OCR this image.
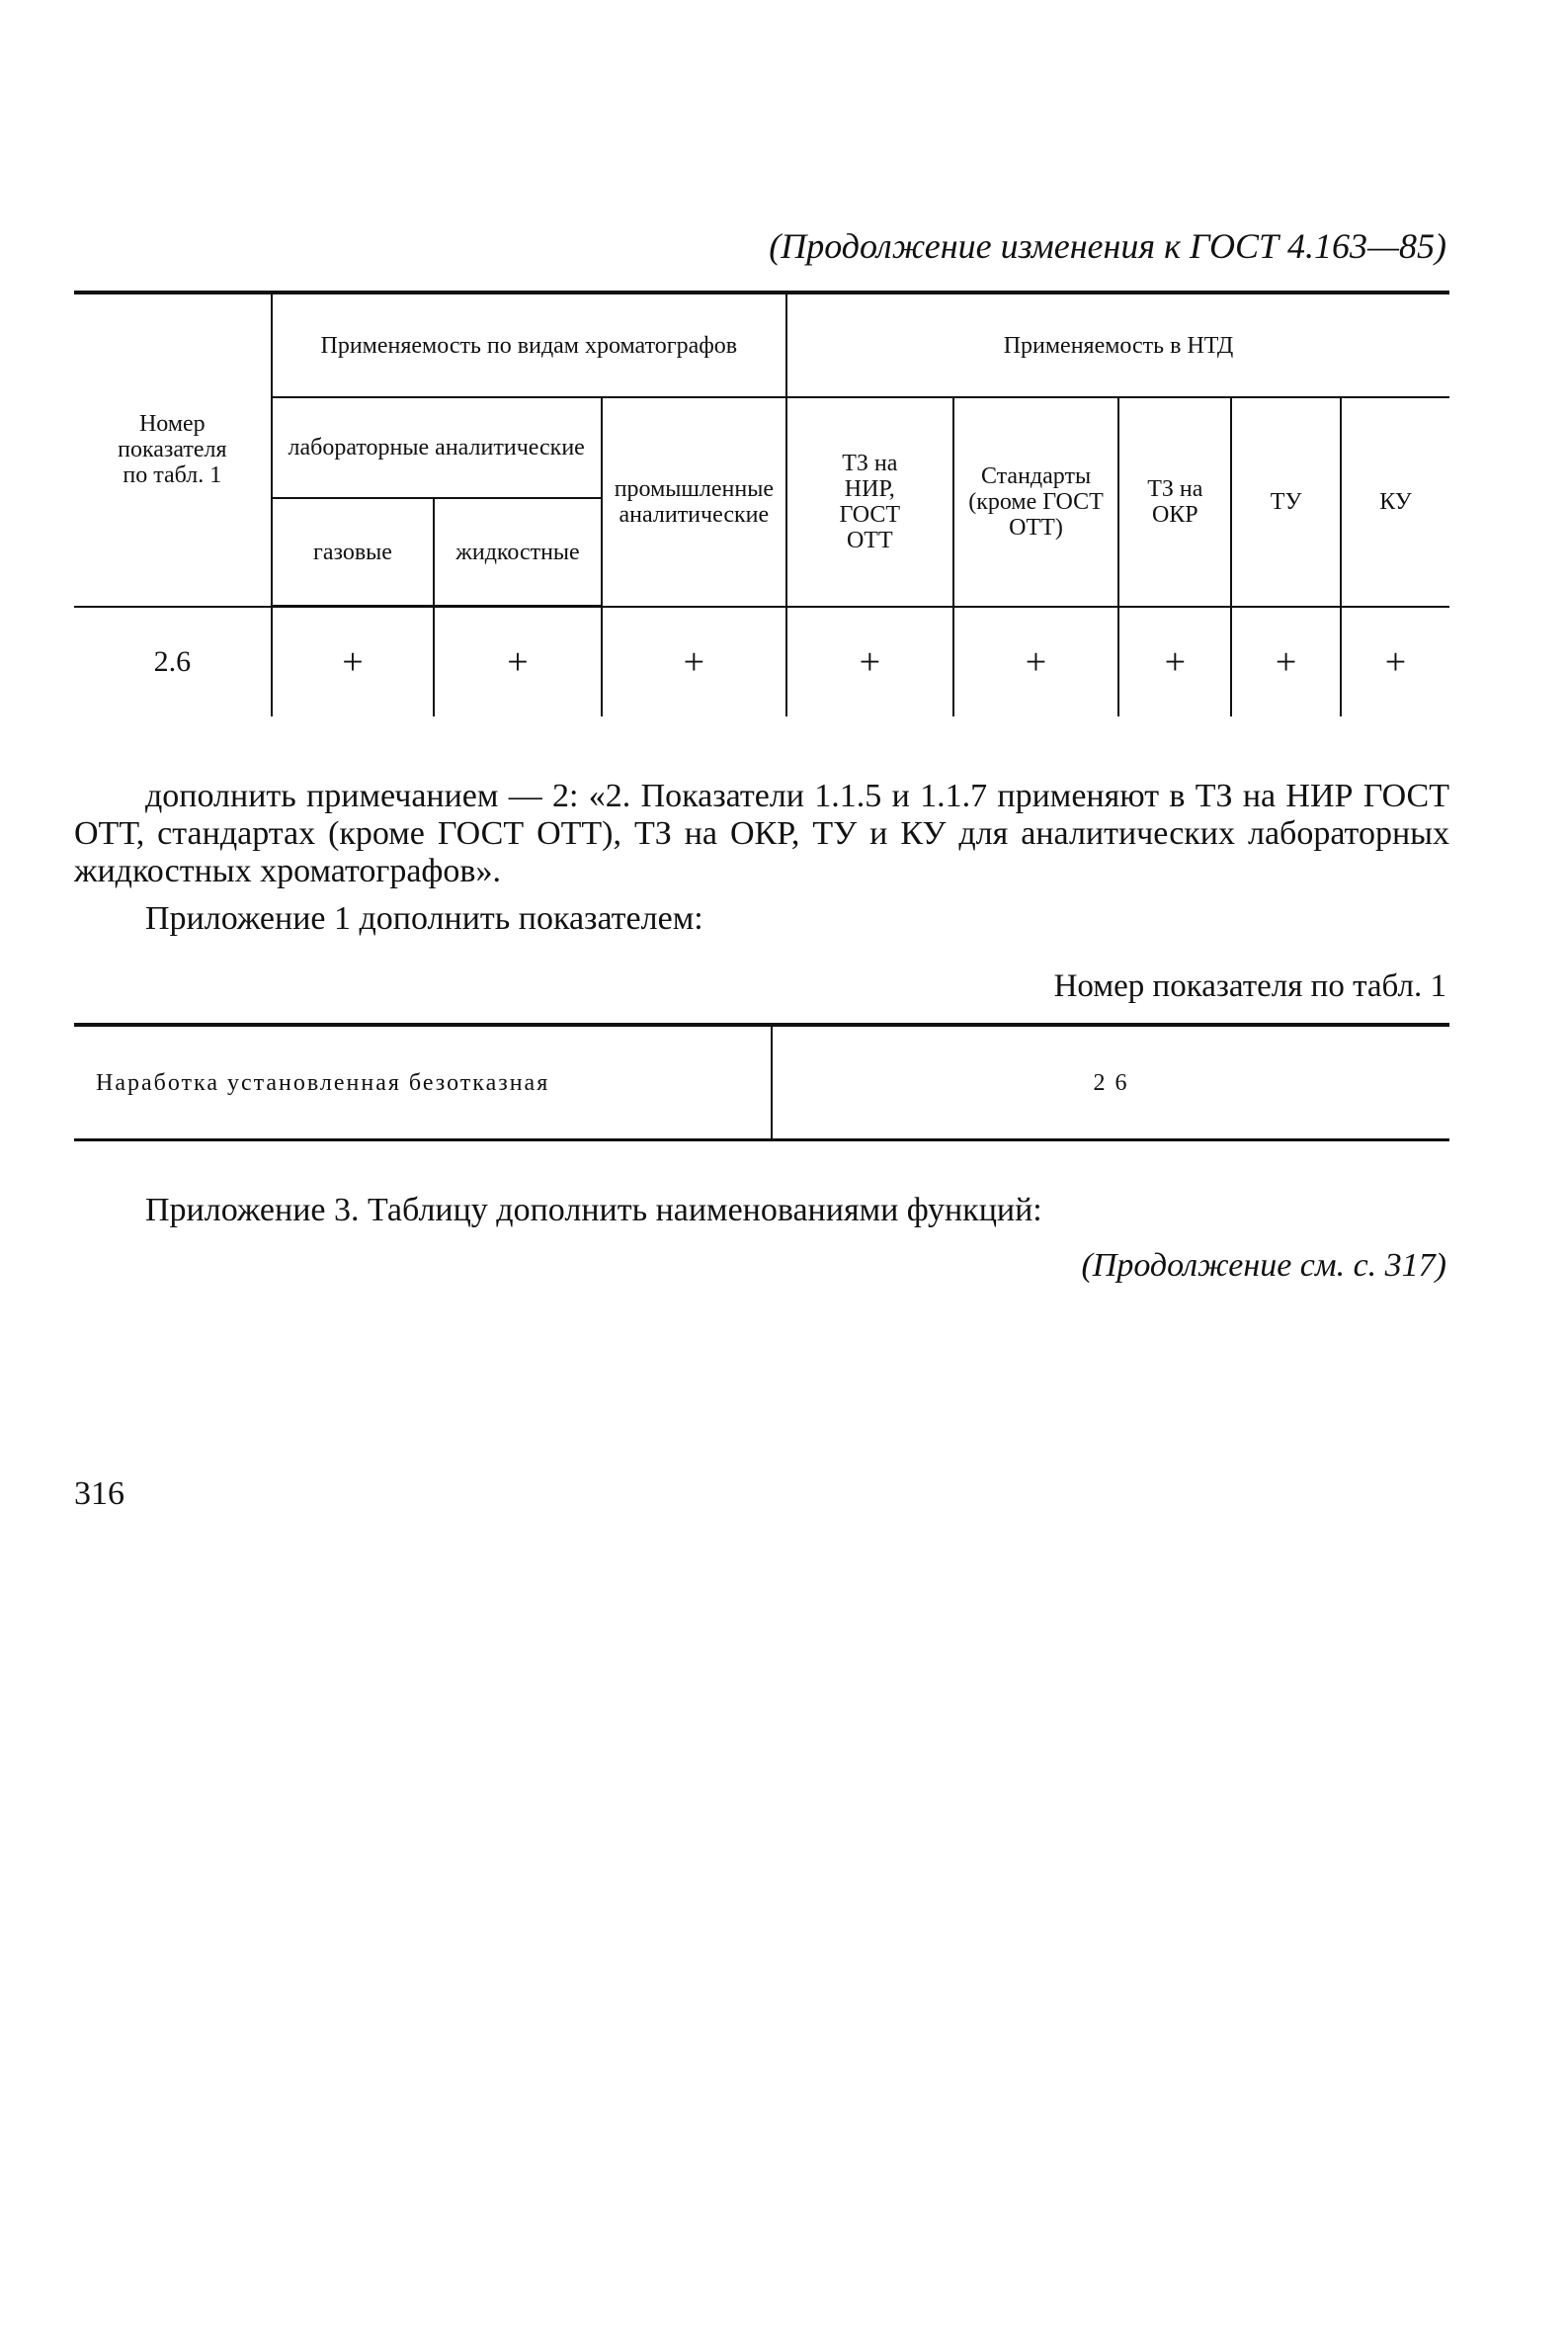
(Продолжение изменения к ГОСТ 4.163—85)
Номер показателя по табл. 1	Применяемость по видам хроматографов			Применяемость в НТД				
	лабораторные аналитические		промышленные аналитические	ТЗ на НИР, ГОСТ ОТТ	Стандарты (кроме ГОСТ ОТТ)	ТЗ на ОКР	ТУ	КУ
	газовые	жидкостные						
2.6	+	+	+	+	+	+	+	+
дополнить примечанием — 2: «2. Показатели 1.1.5 и 1.1.7 применяют в ТЗ на НИР ГОСТ ОТТ, стандартах (кроме ГОСТ ОТТ), ТЗ на ОКР, ТУ и КУ для аналитических лабораторных жидкостных хроматографов».
Приложение 1 дополнить показателем:
Номер показателя по табл. 1
Наработка установленная безотказная	2 6
Приложение 3. Таблицу дополнить наименованиями функций:
(Продолжение см. с. 317)
316
